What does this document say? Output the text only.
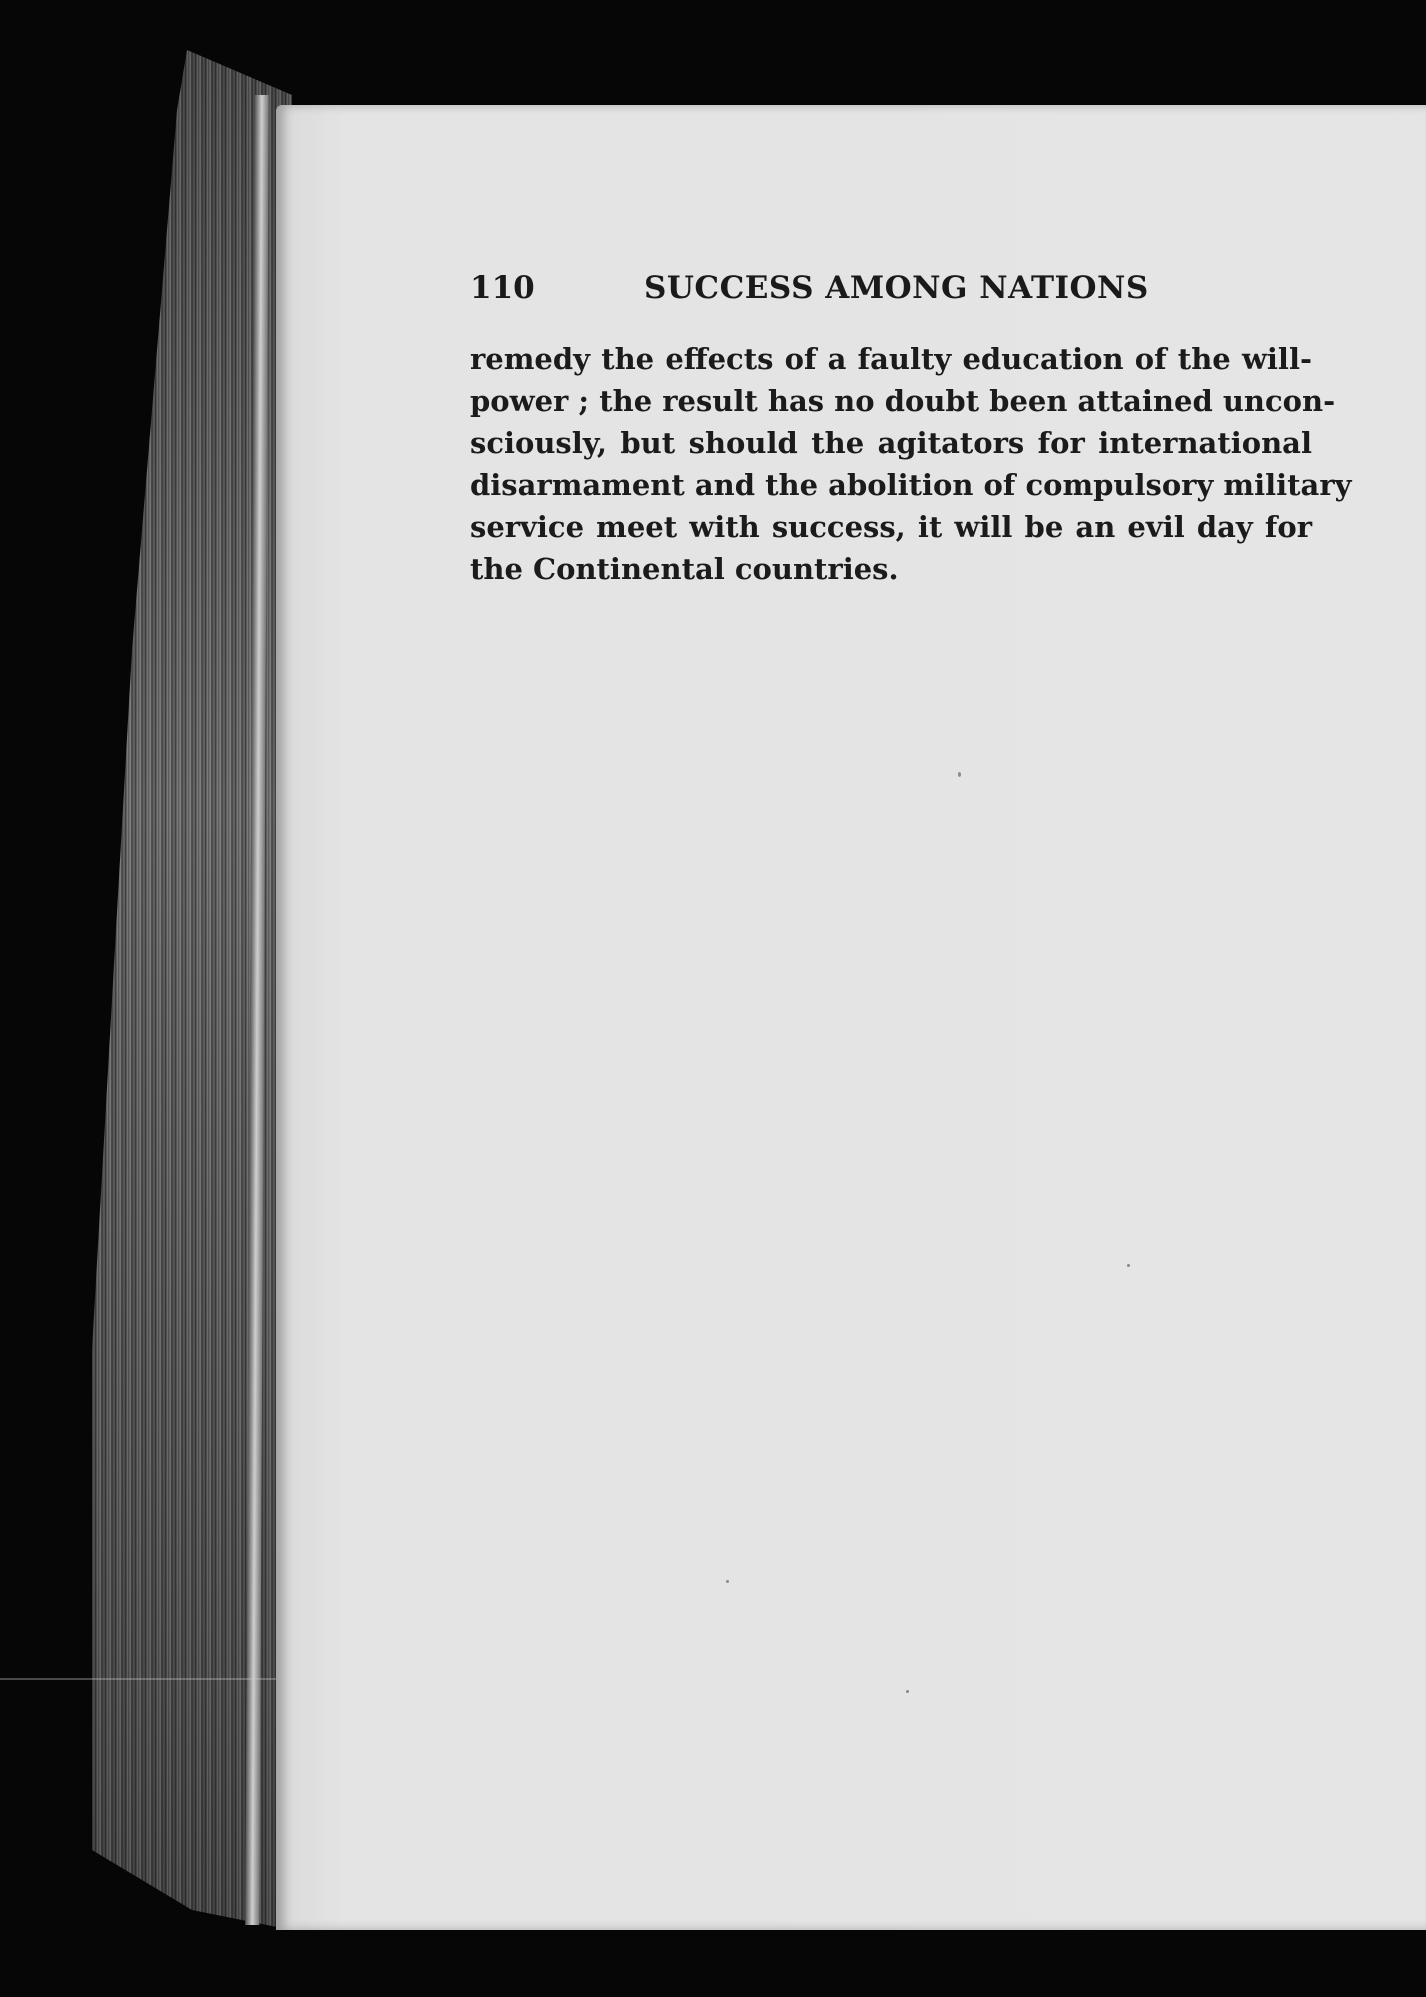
110	SUCCESS AMONG NATIONS
remedy the effects of a faulty education of the will-
power ; the result has no doubt been attained uncon-
sciously, but should the agitators for international
disarmament and the abolition of compulsory military
service meet with success, it will be an evil day for
the Continental countries.
